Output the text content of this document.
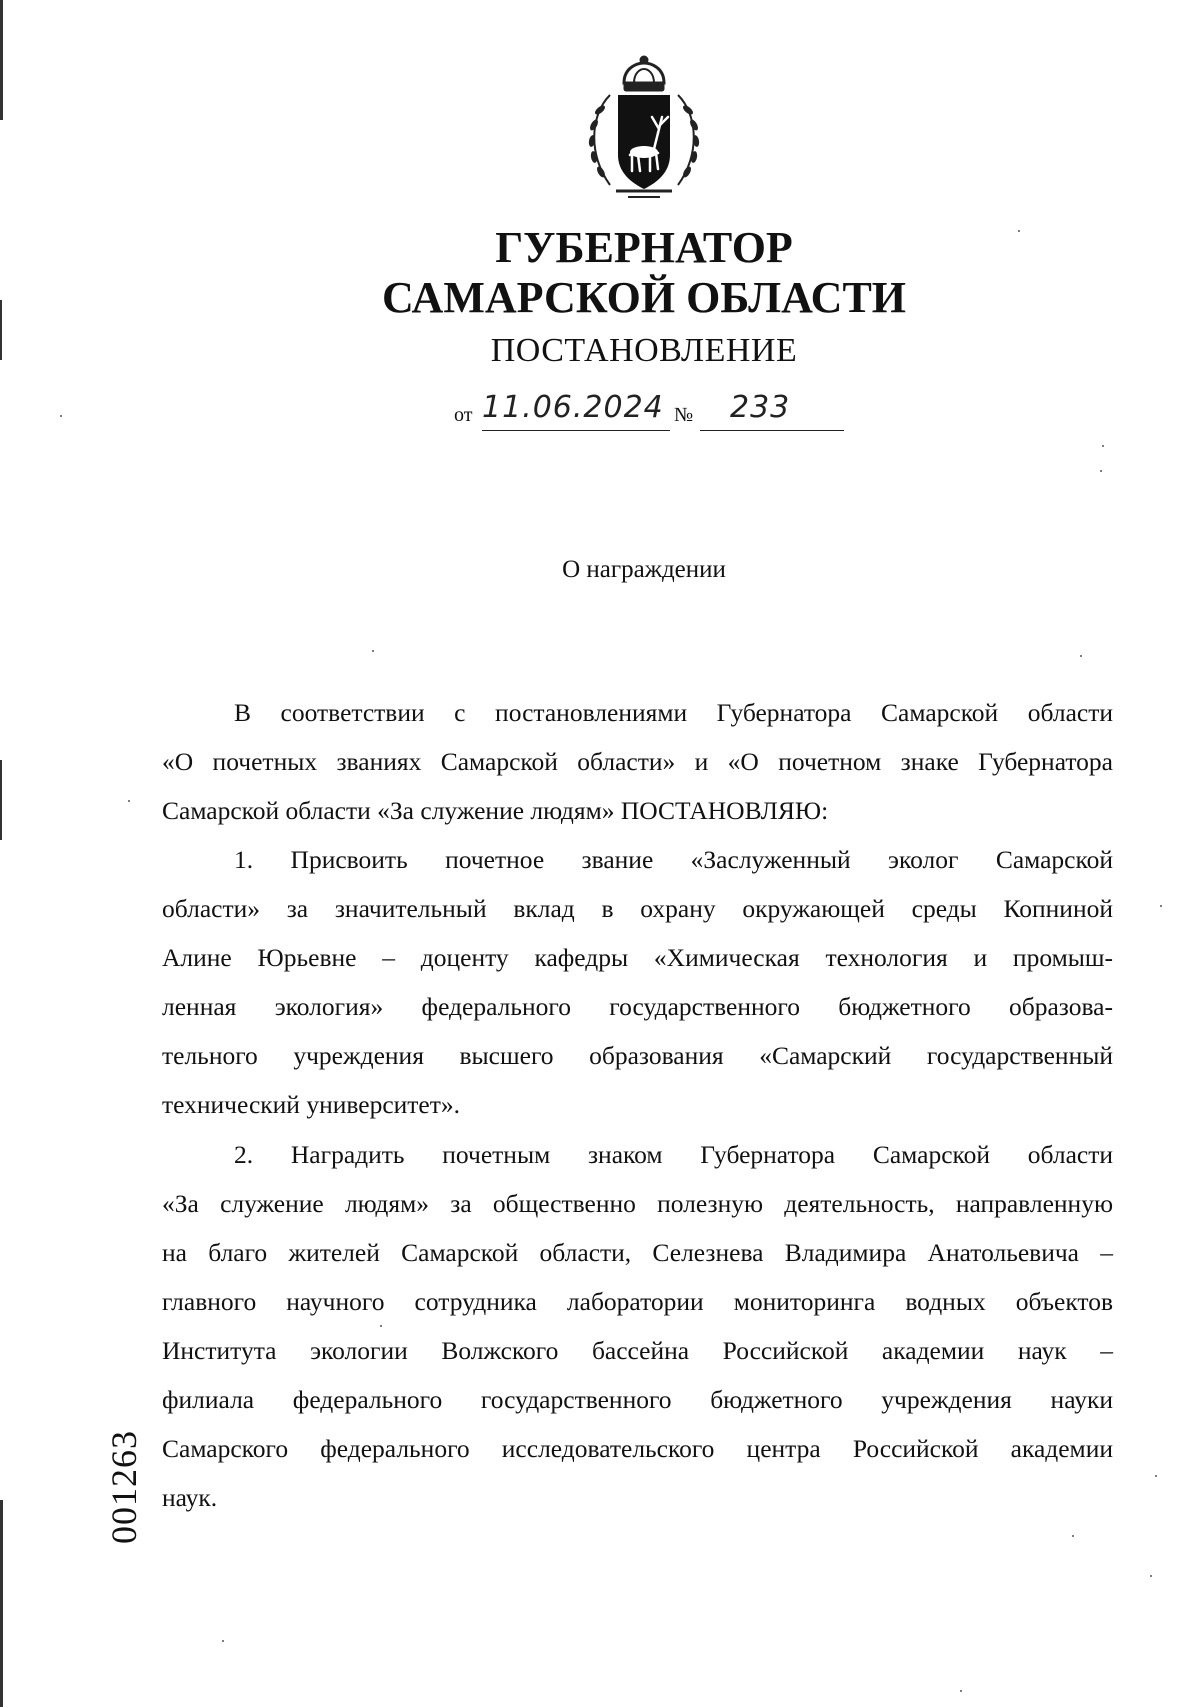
ГУБЕРНАТОР
САМАРСКОЙ ОБЛАСТИ
ПОСТАНОВЛЕНИЕ
от 11.06.2024 № 233
О награждении
В соответствии с постановлениями Губернатора Самарской области
«О почетных званиях Самарской области» и «О почетном знаке Губернатора
Самарской области «За служение людям» ПОСТАНОВЛЯЮ:
1. Присвоить почетное звание «Заслуженный эколог Самарской
области» за значительный вклад в охрану окружающей среды Копниной
Алине Юрьевне – доценту кафедры «Химическая технология и промыш-
ленная экология» федерального государственного бюджетного образова-
тельного учреждения высшего образования «Самарский государственный
технический университет».
2. Наградить почетным знаком Губернатора Самарской области
«За служение людям» за общественно полезную деятельность, направленную
на благо жителей Самарской области, Селезнева Владимира Анатольевича –
главного научного сотрудника лаборатории мониторинга водных объектов
Института экологии Волжского бассейна Российской академии наук –
филиала федерального государственного бюджетного учреждения науки
Самарского федерального исследовательского центра Российской академии
наук.
001263
